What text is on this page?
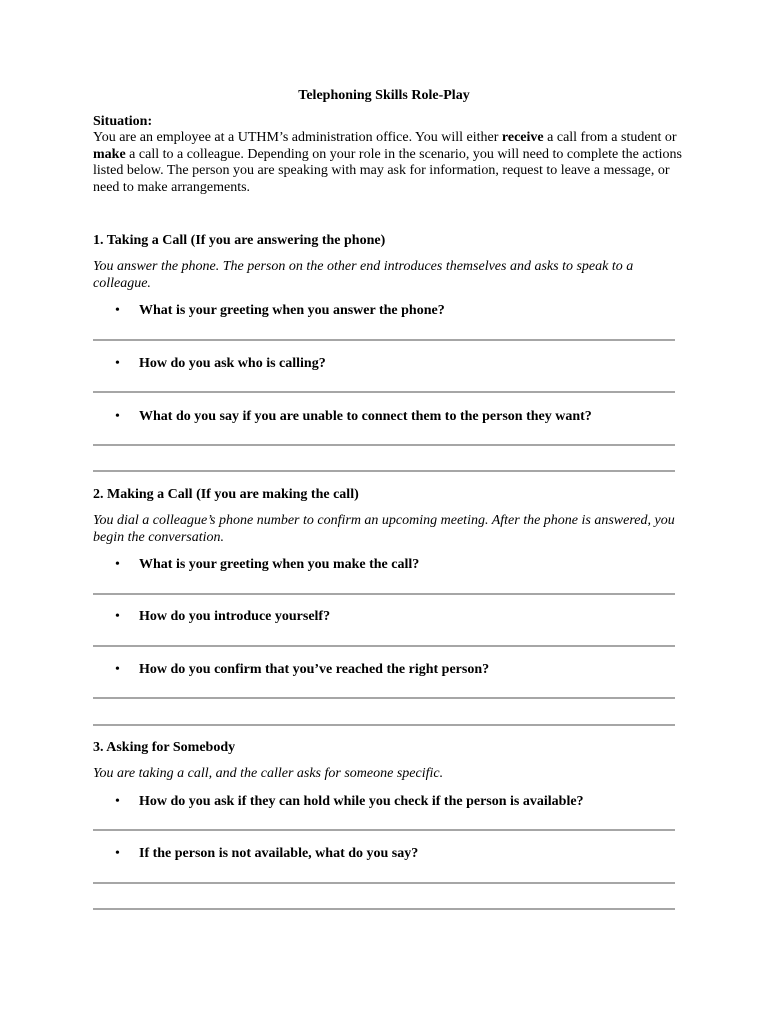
Telephoning Skills Role-Play
Situation:
You are an employee at a UTHM’s administration office. You will either receive a call from a student or make a call to a colleague. Depending on your role in the scenario, you will need to complete the actions listed below. The person you are speaking with may ask for information, request to leave a message, or need to make arrangements.
1. Taking a Call (If you are answering the phone)
You answer the phone. The person on the other end introduces themselves and asks to speak to a colleague.
• What is your greeting when you answer the phone?
• How do you ask who is calling?
• What do you say if you are unable to connect them to the person they want?
2. Making a Call (If you are making the call)
You dial a colleague’s phone number to confirm an upcoming meeting. After the phone is answered, you begin the conversation.
• What is your greeting when you make the call?
• How do you introduce yourself?
• How do you confirm that you’ve reached the right person?
3. Asking for Somebody
You are taking a call, and the caller asks for someone specific.
• How do you ask if they can hold while you check if the person is available?
• If the person is not available, what do you say?
